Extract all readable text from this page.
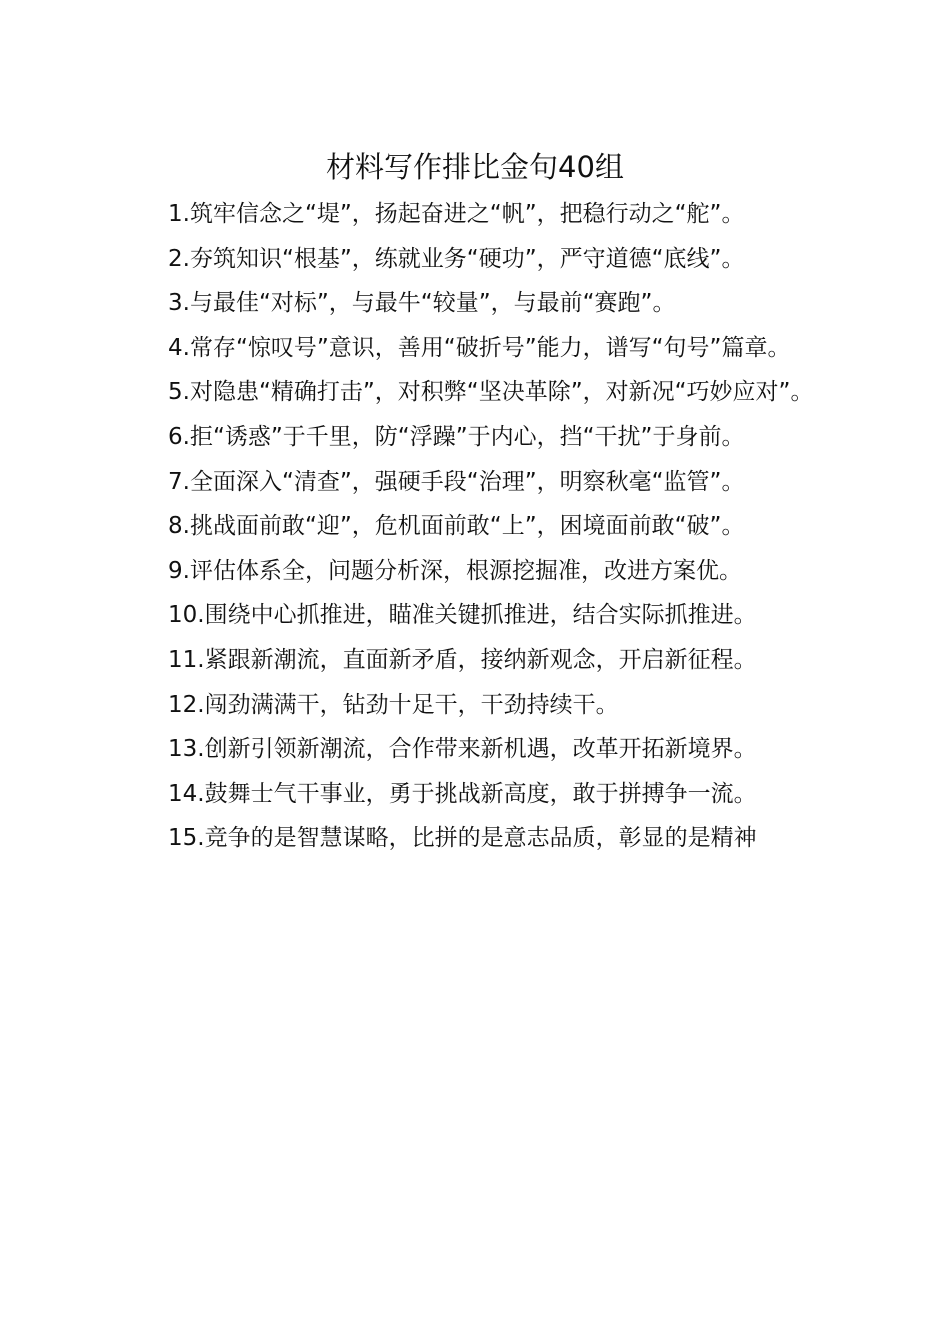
材料写作排比金句40组

1.筑牢信念之“堤”，扬起奋进之“帆”，把稳行动之“舵”。

2.夯筑知识“根基”，练就业务“硬功”，严守道德“底线”。

3.与最佳“对标”，与最牛“较量”，与最前“赛跑”。

4.常存“惊叹号”意识，善用“破折号”能力，谱写“句号”篇章。

5.对隐患“精确打击”，对积弊“坚决革除”，对新况“巧妙应对”。

6.拒“诱惑”于千里，防“浮躁”于内心，挡“干扰”于身前。

7.全面深入“清查”，强硬手段“治理”，明察秋毫“监管”。

8.挑战面前敢“迎”，危机面前敢“上”，困境面前敢“破”。

9.评估体系全，问题分析深，根源挖掘准，改进方案优。

10.围绕中心抓推进，瞄准关键抓推进，结合实际抓推进。

11.紧跟新潮流，直面新矛盾，接纳新观念，开启新征程。

12.闯劲满满干，钻劲十足干，干劲持续干。

13.创新引领新潮流，合作带来新机遇，改革开拓新境界。

14.鼓舞士气干事业，勇于挑战新高度，敢于拼搏争一流。

15.竞争的是智慧谋略，比拼的是意志品质，彰显的是精神
